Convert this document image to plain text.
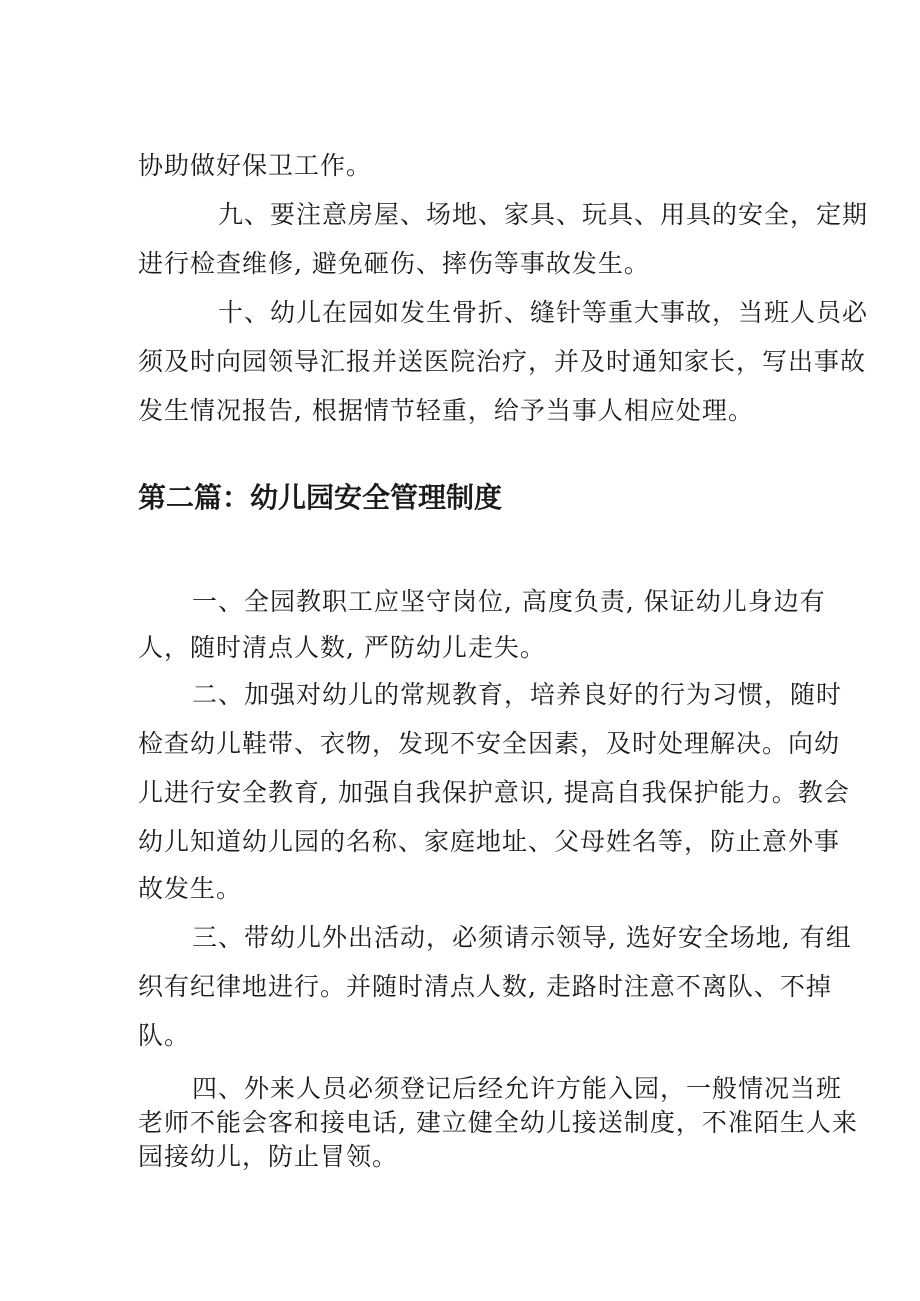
协助做好保卫工作。

九、要注意房屋、场地、家具、玩具、用具的安全，定期

进行检查维修, 避免砸伤、摔伤等事故发生。

十、幼儿在园如发生骨折、缝针等重大事故，当班人员必

须及时向园领导汇报并送医院治疗，并及时通知家长，写出事故

发生情况报告, 根据情节轻重，给予当事人相应处理。

第二篇：幼儿园安全管理制度

一、全园教职工应坚守岗位, 高度负责, 保证幼儿身边有

人，随时清点人数, 严防幼儿走失。

二、加强对幼儿的常规教育，培养良好的行为习惯，随时

检查幼儿鞋带、衣物，发现不安全因素，及时处理解决。向幼

儿进行安全教育, 加强自我保护意识, 提高自我保护能力。教会

幼儿知道幼儿园的名称、家庭地址、父母姓名等，防止意外事

故发生。

三、带幼儿外出活动，必须请示领导, 选好安全场地, 有组

织有纪律地进行。并随时清点人数, 走路时注意不离队、不掉

队。

四、外来人员必须登记后经允许方能入园，一般情况当班

老师不能会客和接电话, 建立健全幼儿接送制度，不准陌生人来

园接幼儿，防止冒领。
